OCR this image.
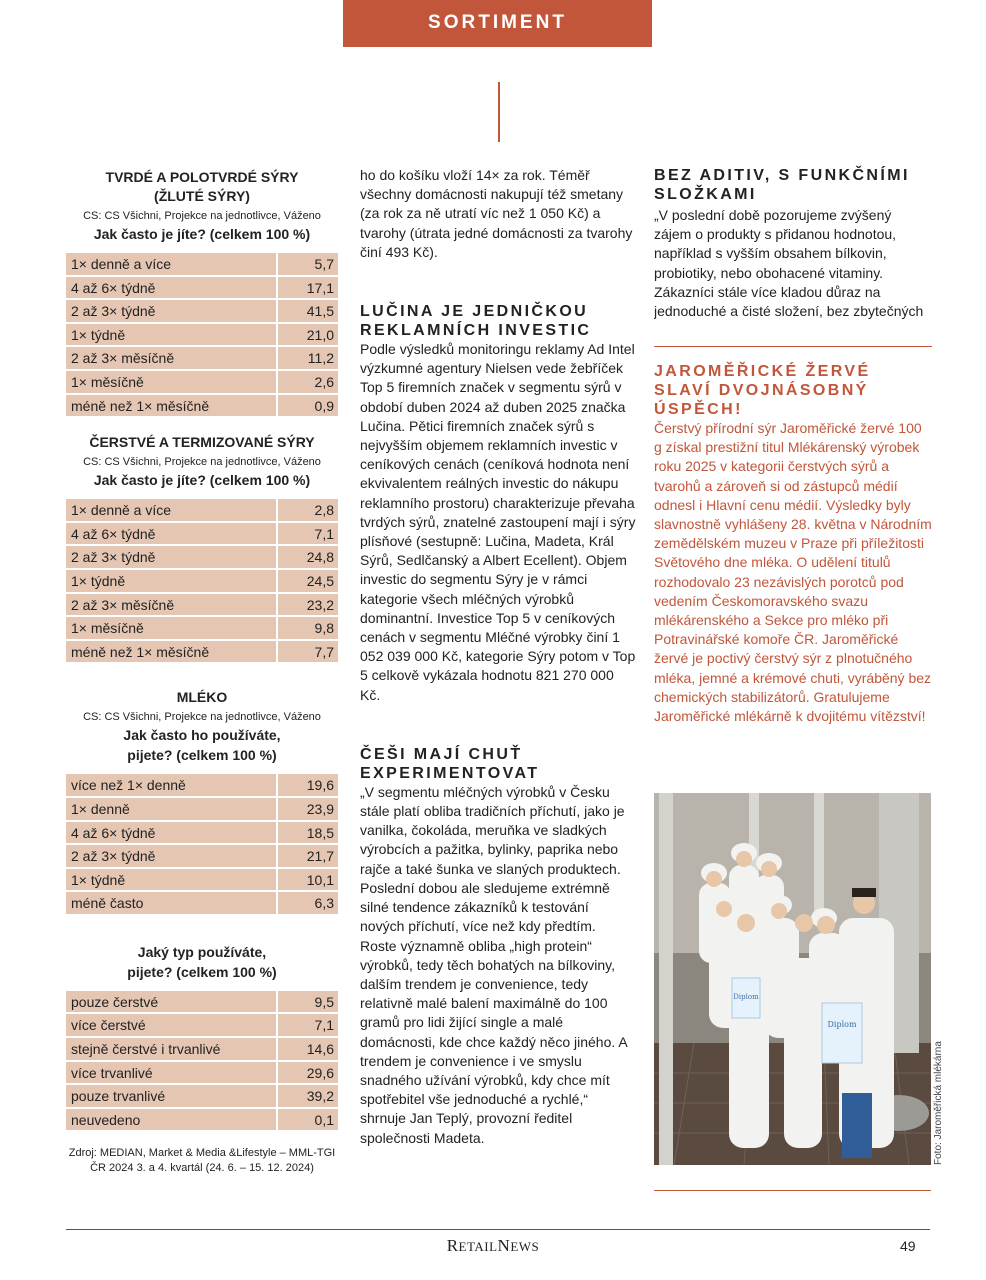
SORTIMENT
TVRDÉ A POLOTVRDÉ SÝRY (ŽLUTÉ SÝRY)
CS: CS Všichni, Projekce na jednotlivce, Váženo
Jak často je jíte? (celkem 100 %)
1× denně a více	5,7
4 až 6× týdně	17,1
2 až 3× týdně	41,5
1× týdně	21,0
2 až 3× měsíčně	11,2
1× měsíčně	2,6
méně než 1× měsíčně	0,9
ČERSTVÉ A TERMIZOVANÉ SÝRY
CS: CS Všichni, Projekce na jednotlivce, Váženo
Jak často je jíte? (celkem 100 %)
1× denně a více	2,8
4 až 6× týdně	7,1
2 až 3× týdně	24,8
1× týdně	24,5
2 až 3× měsíčně	23,2
1× měsíčně	9,8
méně než 1× měsíčně	7,7
MLÉKO
CS: CS Všichni, Projekce na jednotlivce, Váženo
Jak často ho používáte, pijete? (celkem 100 %)
více než 1× denně	19,6
1× denně	23,9
4 až 6× týdně	18,5
2 až 3× týdně	21,7
1× týdně	10,1
méně často	6,3
Jaký typ používáte, pijete? (celkem 100 %)
pouze čerstvé	9,5
více čerstvé	7,1
stejně čerstvé i trvanlivé	14,6
více trvanlivé	29,6
pouze trvanlivé	39,2
neuvedeno	0,1
Zdroj: MEDIAN, Market & Media &Lifestyle – MML-TGI ČR 2024 3. a 4. kvartál (24. 6. – 15. 12. 2024)

ho do košíku vloží 14× za rok. Téměř všechny domácnosti nakupují též smetany (za rok za ně utratí víc než 1 050 Kč) a tvarohy (útrata jedné domácnosti za tvarohy činí 493 Kč).

LUČINA JE JEDNIČKOU REKLAMNÍCH INVESTIC

Podle výsledků monitoringu reklamy Ad Intel výzkumné agentury Nielsen vede žebříček Top 5 firemních značek v segmentu sýrů v období duben 2024 až duben 2025 značka Lučina. Pětici firemních značek sýrů s nejvyšším objemem reklamních investic v ceníkových cenách (ceníková hodnota není ekvivalentem reálných investic do nákupu reklamního prostoru) charakterizuje převaha tvrdých sýrů, znatelné zastoupení mají i sýry plísňové (sestupně: Lučina, Madeta, Král Sýrů, Sedlčanský a Albert Ecellent). Objem investic do segmentu Sýry je v rámci kategorie všech mléčných výrobků dominantní. Investice Top 5 v ceníkových cenách v segmentu Mléčné výrobky činí 1 052 039 000 Kč, kategorie Sýry potom v Top 5 celkově vykázala hodnotu 821 270 000 Kč.

ČEŠI MAJÍ CHUŤ EXPERIMENTOVAT

„V segmentu mléčných výrobků v Česku stále platí obliba tradičních příchutí, jako je vanilka, čokoláda, meruňka ve sladkých výrobcích a pažitka, bylinky, paprika nebo rajče a také šunka ve slaných produktech. Poslední dobou ale sledujeme extrémně silné tendence zákazníků k testování nových příchutí, více než kdy předtím. Roste významně obliba „high protein“ výrobků, tedy těch bohatých na bílkoviny, dalším trendem je convenience, tedy relativně malé balení maximálně do 100 gramů pro lidi žijící single a malé domácnosti, kde chce každý něco jiného. A trendem je convenience i ve smyslu snadného užívání výrobků, kdy chce mít spotřebitel vše jednoduché a rychlé,“ shrnuje Jan Teplý, provozní ředitel společnosti Madeta.

BEZ ADITIV, S FUNKČNÍMI SLOŽKAMI

„V poslední době pozorujeme zvýšený zájem o produkty s přidanou hodnotou, například s vyšším obsahem bílkovin, probiotiky, nebo obohacené vitaminy. Zákazníci stále více kladou důraz na jednoduché a čisté složení, bez zbytečných

JAROMĚŘICKÉ ŽERVÉ SLAVÍ DVOJNÁSOBNÝ ÚSPĚCH!

Čerstvý přírodní sýr Jaroměřické žervé 100 g získal prestižní titul Mlékárenský výrobek roku 2025 v kategorii čerstvých sýrů a tvarohů a zároveň si od zástupců médií odnesl i Hlavní cenu médií. Výsledky byly slavnostně vyhlášeny 28. května v Národním zemědělském muzeu v Praze při příležitosti Světového dne mléka. O udělení titulů rozhodovalo 23 nezávislých porotců pod vedením Českomoravského svazu mlékárenského a Sekce pro mléko při Potravinářské komoře ČR. Jaroměřické žervé je poctivý čerstvý sýr z plnotučného mléka, jemné a krémové chuti, vyráběný bez chemických stabilizátorů. Gratulujeme Jaroměřické mlékárně k dvojitému vítězství!

Diplom
Diplom
Foto: Jaroměřická mlékárna
RETAILNEWS	49
